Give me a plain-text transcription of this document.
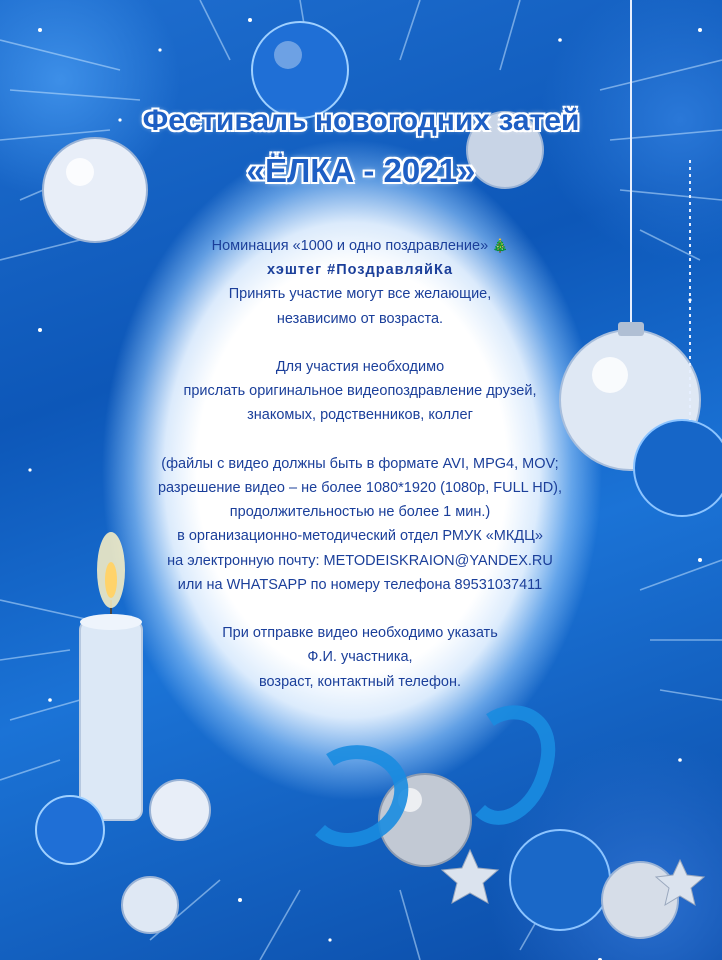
Фестиваль новогодних затей
«ЁЛКА - 2021»
Номинация «1000 и одно поздравление» 🎄
хэштег #ПоздравляйКа
Принять участие могут все желающие,
независимо от возраста.
Для участия необходимо
прислать оригинальное видеопоздравление друзей,
знакомых, родственников, коллег
(файлы с видео должны быть в формате AVI, MPG4, MOV;
разрешение видео – не более 1080*1920 (1080р, FULL HD),
продолжительностью не более 1 мин.)
в организационно-методический отдел РМУК «МКДЦ»
на электронную почту: METODEISKRAION@YANDEX.RU
или на WHATSAPP по номеру телефона 89531037411
При отправке видео необходимо указать
Ф.И. участника,
возраст, контактный телефон.
